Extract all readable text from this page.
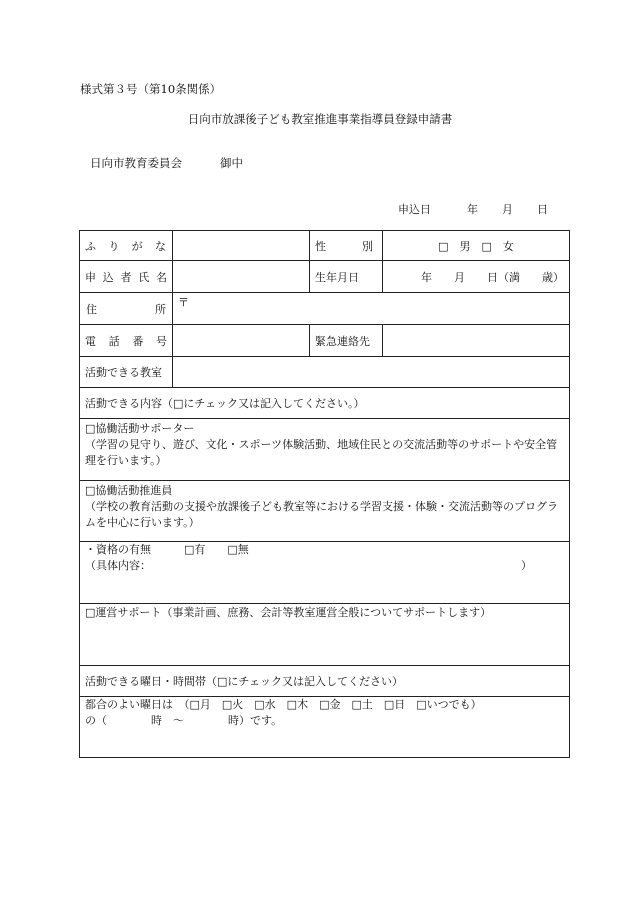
様式第３号（第10条関係）
日向市放課後子ども教室推進事業指導員登録申請書
日向市教育委員会	御中
申込日	年 月 日
ふ り が な		性 別	□　男　□　女

申 込 者 氏 名		生年月日	年　　月　　日（満　　歳）

住 所	〒		

電 話 番 号		緊急連絡先	
活動できる教室			
活動できる内容（□にチェック又は記入してください。）			

□協働活動サポーター
（学習の見守り、遊び、文化・スポーツ体験活動、地域住民との交流活動等のサポートや安全管理を行います。）			

□協働活動推進員
（学校の教育活動の支援や放課後子ども教室等における学習支援・体験・交流活動等のプログラムを中心に行います。）			

・資格の有無　　　□有　　□無
（具体内容： ）			

□運営サポート（事業計画、庶務、会計等教室運営全般についてサポートします）			
活動できる曜日・時間帯（□にチェック又は記入してください）			

都合のよい曜日は　（□月　□火　□水　□木　□金　□土　□日　□いつでも）
の（　　　　時　～　　　　時）です。			
